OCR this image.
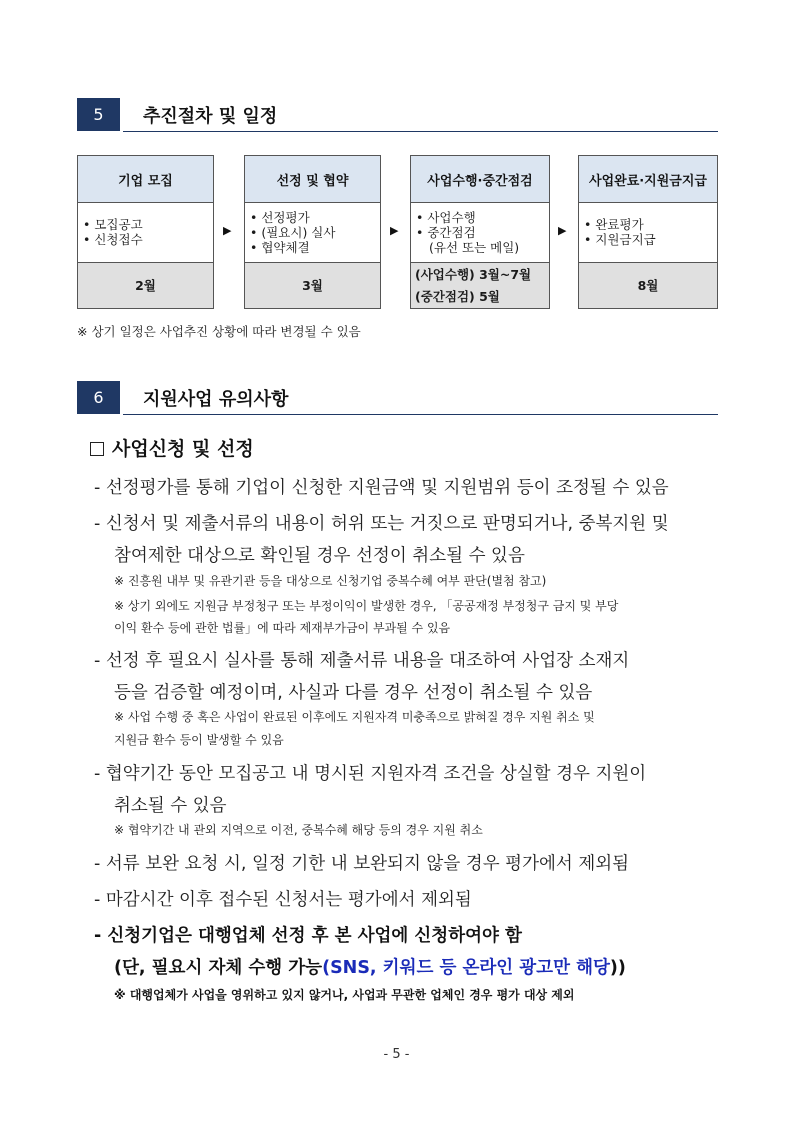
5	추진절차 및 일정
기업 모집
• 모집공고
• 신청접수
2월
▶
선정 및 협약
• 선정평가
• (필요시) 실사
• 협약체결
3월
▶
사업수행·중간점검
• 사업수행
• 중간점검
(유선 또는 메일)
(사업수행) 3월~7월
(중간점검) 5월
▶
사업완료·지원금지급
• 완료평가
• 지원금지급
8월
※ 상기 일정은 사업추진 상황에 따라 변경될 수 있음
6	지원사업 유의사항
사업신청 및 선정
- 선정평가를 통해 기업이 신청한 지원금액 및 지원범위 등이 조정될 수 있음
- 신청서 및 제출서류의 내용이 허위 또는 거짓으로 판명되거나, 중복지원 및
참여제한 대상으로 확인될 경우 선정이 취소될 수 있음
※ 진흥원 내부 및 유관기관 등을 대상으로 신청기업 중복수혜 여부 판단(별첨 참고)
※ 상기 외에도 지원금 부정청구 또는 부정이익이 발생한 경우, 「공공재정 부정청구 금지 및 부당
이익 환수 등에 관한 법률」에 따라 제재부가금이 부과될 수 있음
- 선정 후 필요시 실사를 통해 제출서류 내용을 대조하여 사업장 소재지
등을 검증할 예정이며, 사실과 다를 경우 선정이 취소될 수 있음
※ 사업 수행 중 혹은 사업이 완료된 이후에도 지원자격 미충족으로 밝혀질 경우 지원 취소 및
지원금 환수 등이 발생할 수 있음
- 협약기간 동안 모집공고 내 명시된 지원자격 조건을 상실할 경우 지원이
취소될 수 있음
※ 협약기간 내 관외 지역으로 이전, 중복수혜 해당 등의 경우 지원 취소
- 서류 보완 요청 시, 일정 기한 내 보완되지 않을 경우 평가에서 제외됨
- 마감시간 이후 접수된 신청서는 평가에서 제외됨
- 신청기업은 대행업체 선정 후 본 사업에 신청하여야 함
(단, 필요시 자체 수행 가능(SNS, 키워드 등 온라인 광고만 해당))
※ 대행업체가 사업을 영위하고 있지 않거나, 사업과 무관한 업체인 경우 평가 대상 제외
- 5 -
